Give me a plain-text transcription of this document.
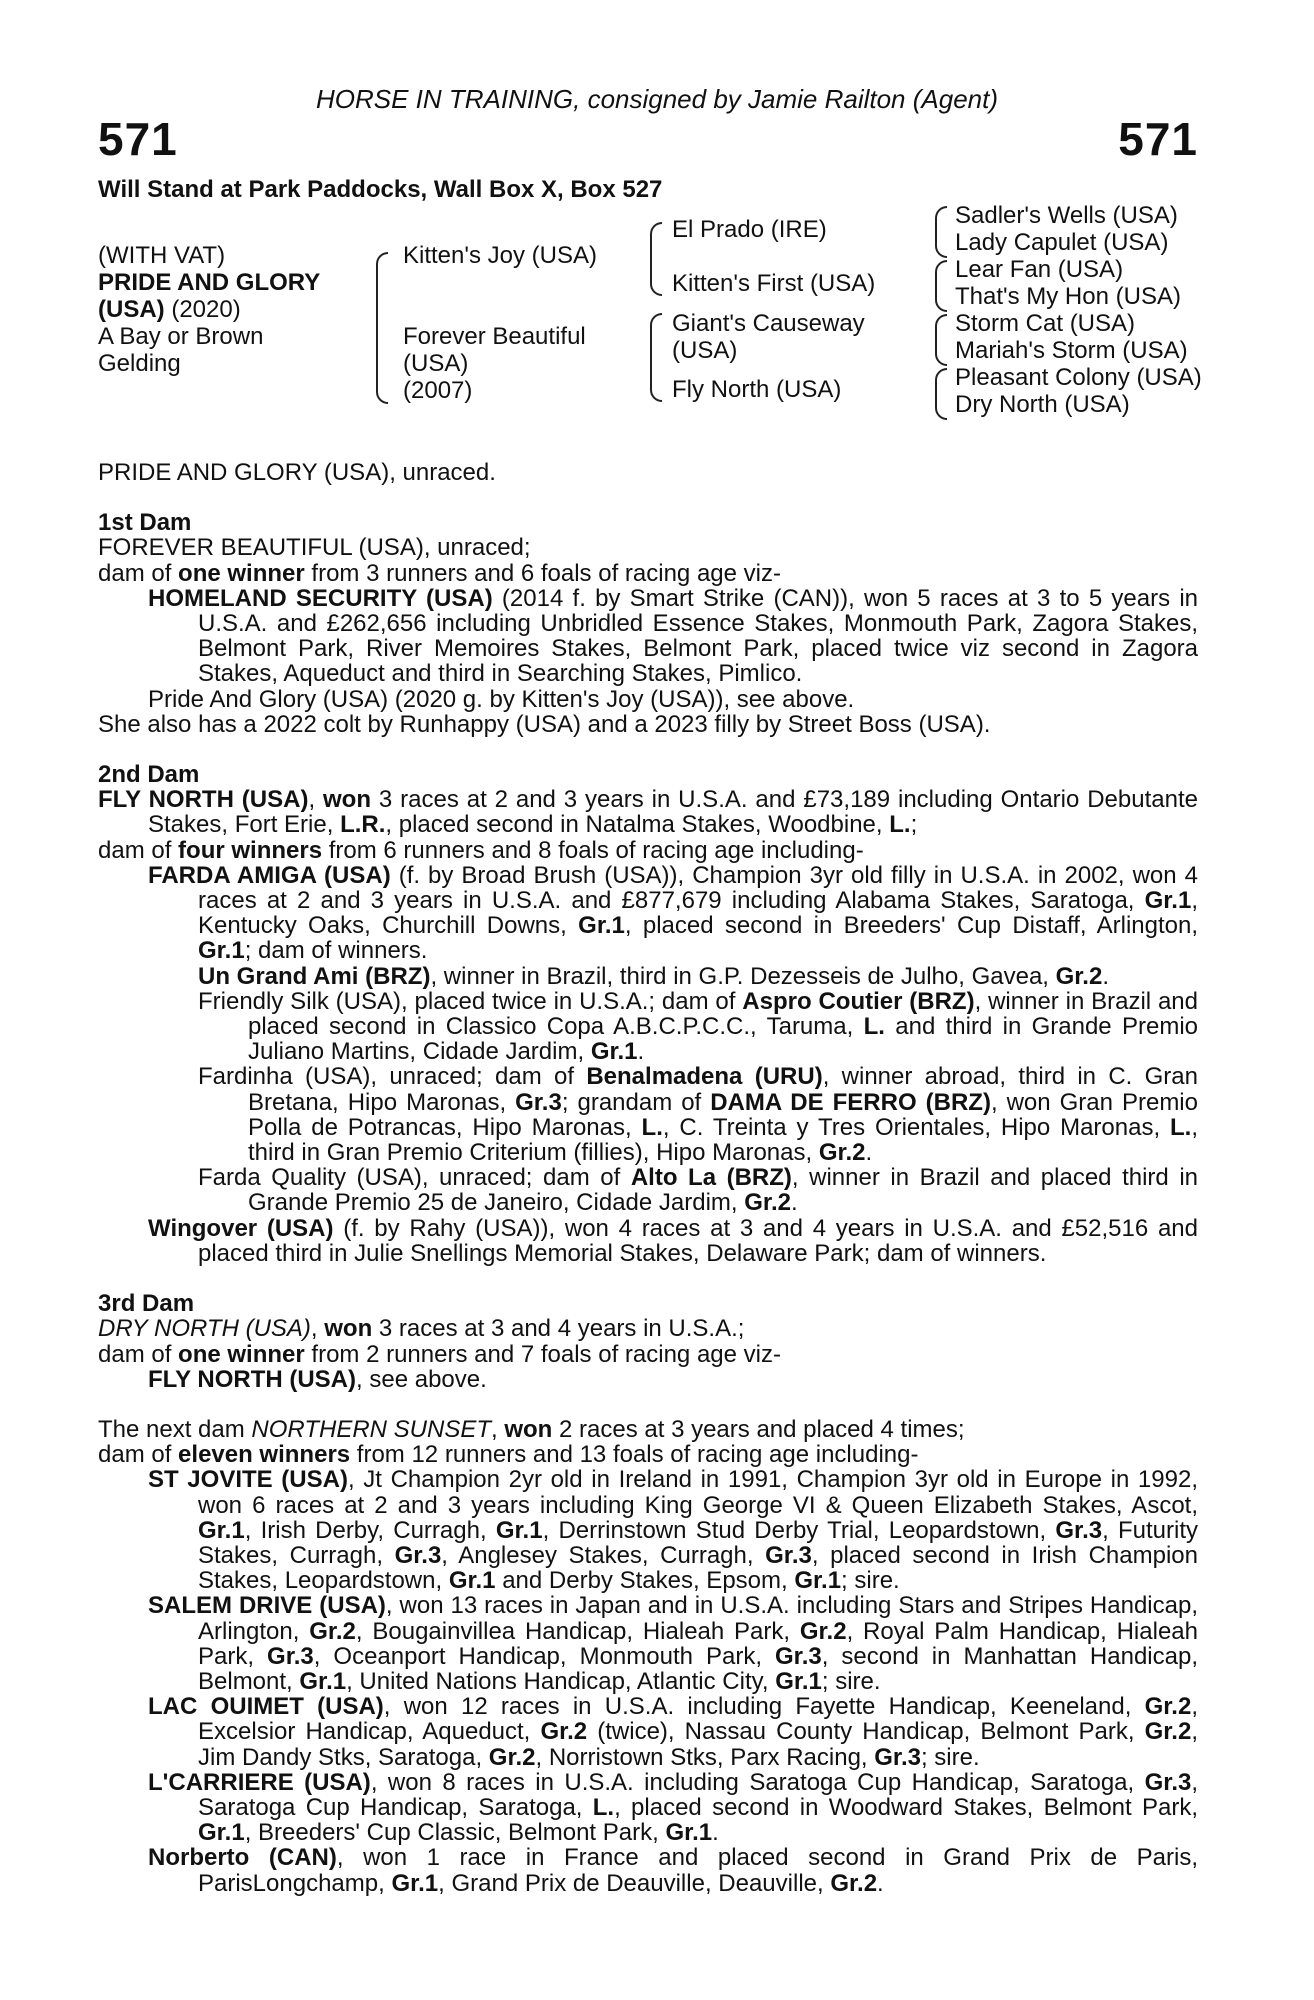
HORSE IN TRAINING, consigned by Jamie Railton (Agent)
571	571
Will Stand at Park Paddocks, Wall Box X, Box 527
(WITH VAT)
PRIDE AND GLORY
(USA) (2020)
A Bay or Brown
Gelding
Kitten's Joy (USA)
Forever Beautiful
(USA)
(2007)
El Prado (IRE)
Kitten's First (USA)
Giant's Causeway
(USA)
Fly North (USA)
Sadler's Wells (USA)
Lady Capulet (USA)
Lear Fan (USA)
That's My Hon (USA)
Storm Cat (USA)
Mariah's Storm (USA)
Pleasant Colony (USA)
Dry North (USA)

PRIDE AND GLORY (USA), unraced.

1st Dam

FOREVER BEAUTIFUL (USA), unraced;

dam of one winner from 3 runners and 6 foals of racing age viz-

HOMELAND SECURITY (USA) (2014 f. by Smart Strike (CAN)), won 5 races at 3 to 5 years in U.S.A. and £262,656 including Unbridled Essence Stakes, Monmouth Park, Zagora Stakes, Belmont Park, River Memoires Stakes, Belmont Park, placed twice viz second in Zagora Stakes, Aqueduct and third in Searching Stakes, Pimlico.

Pride And Glory (USA) (2020 g. by Kitten's Joy (USA)), see above.

She also has a 2022 colt by Runhappy (USA) and a 2023 filly by Street Boss (USA).

2nd Dam

FLY NORTH (USA), won 3 races at 2 and 3 years in U.S.A. and £73,189 including Ontario Debutante Stakes, Fort Erie, L.R., placed second in Natalma Stakes, Woodbine, L.;

dam of four winners from 6 runners and 8 foals of racing age including-

FARDA AMIGA (USA) (f. by Broad Brush (USA)), Champion 3yr old filly in U.S.A. in 2002, won 4 races at 2 and 3 years in U.S.A. and £877,679 including Alabama Stakes, Saratoga, Gr.1, Kentucky Oaks, Churchill Downs, Gr.1, placed second in Breeders' Cup Distaff, Arlington, Gr.1; dam of winners.

Un Grand Ami (BRZ), winner in Brazil, third in G.P. Dezesseis de Julho, Gavea, Gr.2.

Friendly Silk (USA), placed twice in U.S.A.; dam of Aspro Coutier (BRZ), winner in Brazil and placed second in Classico Copa A.B.C.P.C.C., Taruma, L. and third in Grande Premio Juliano Martins, Cidade Jardim, Gr.1.

Fardinha (USA), unraced; dam of Benalmadena (URU), winner abroad, third in C. Gran Bretana, Hipo Maronas, Gr.3; grandam of DAMA DE FERRO (BRZ), won Gran Premio Polla de Potrancas, Hipo Maronas, L., C. Treinta y Tres Orientales, Hipo Maronas, L., third in Gran Premio Criterium (fillies), Hipo Maronas, Gr.2.

Farda Quality (USA), unraced; dam of Alto La (BRZ), winner in Brazil and placed third in Grande Premio 25 de Janeiro, Cidade Jardim, Gr.2.

Wingover (USA) (f. by Rahy (USA)), won 4 races at 3 and 4 years in U.S.A. and £52,516 and placed third in Julie Snellings Memorial Stakes, Delaware Park; dam of winners.

3rd Dam

DRY NORTH (USA), won 3 races at 3 and 4 years in U.S.A.;

dam of one winner from 2 runners and 7 foals of racing age viz-

FLY NORTH (USA), see above.

The next dam NORTHERN SUNSET, won 2 races at 3 years and placed 4 times;

dam of eleven winners from 12 runners and 13 foals of racing age including-

ST JOVITE (USA), Jt Champion 2yr old in Ireland in 1991, Champion 3yr old in Europe in 1992, won 6 races at 2 and 3 years including King George VI & Queen Elizabeth Stakes, Ascot, Gr.1, Irish Derby, Curragh, Gr.1, Derrinstown Stud Derby Trial, Leopardstown, Gr.3, Futurity Stakes, Curragh, Gr.3, Anglesey Stakes, Curragh, Gr.3, placed second in Irish Champion Stakes, Leopardstown, Gr.1 and Derby Stakes, Epsom, Gr.1; sire.

SALEM DRIVE (USA), won 13 races in Japan and in U.S.A. including Stars and Stripes Handicap, Arlington, Gr.2, Bougainvillea Handicap, Hialeah Park, Gr.2, Royal Palm Handicap, Hialeah Park, Gr.3, Oceanport Handicap, Monmouth Park, Gr.3, second in Manhattan Handicap, Belmont, Gr.1, United Nations Handicap, Atlantic City, Gr.1; sire.

LAC OUIMET (USA), won 12 races in U.S.A. including Fayette Handicap, Keeneland, Gr.2, Excelsior Handicap, Aqueduct, Gr.2 (twice), Nassau County Handicap, Belmont Park, Gr.2, Jim Dandy Stks, Saratoga, Gr.2, Norristown Stks, Parx Racing, Gr.3; sire.

L'CARRIERE (USA), won 8 races in U.S.A. including Saratoga Cup Handicap, Saratoga, Gr.3, Saratoga Cup Handicap, Saratoga, L., placed second in Woodward Stakes, Belmont Park, Gr.1, Breeders' Cup Classic, Belmont Park, Gr.1.

Norberto (CAN), won 1 race in France and placed second in Grand Prix de Paris, ParisLongchamp, Gr.1, Grand Prix de Deauville, Deauville, Gr.2.
